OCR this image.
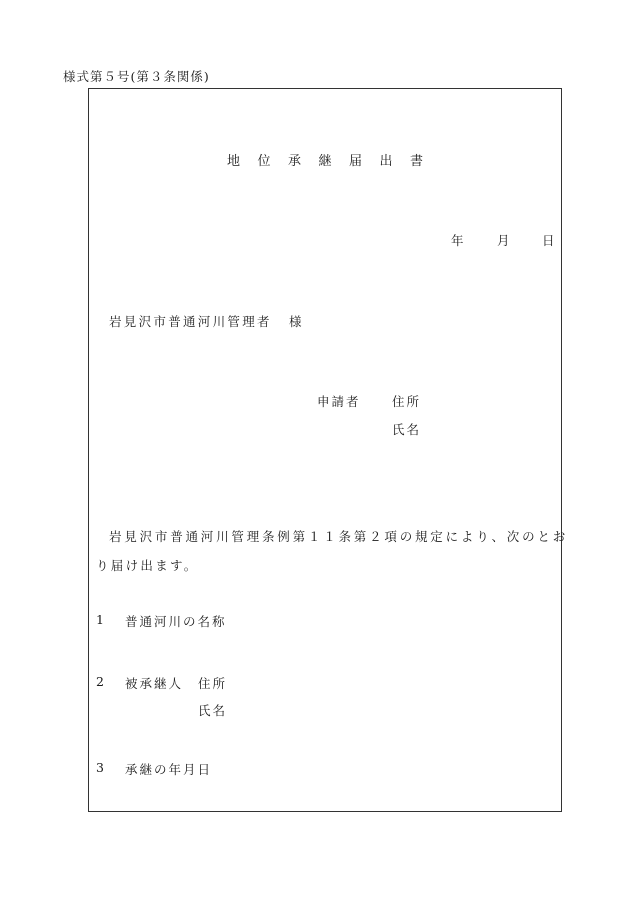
様式第５号(第３条関係)
地位承継届出書
年	月	日
岩見沢市普通河川管理者 様
申請者	住所
氏名
岩見沢市普通河川管理条例第１１条第２項の規定により、次のとお
り届け出ます。
1 普通河川の名称
2 被承継人 住所
氏名
3 承継の年月日
